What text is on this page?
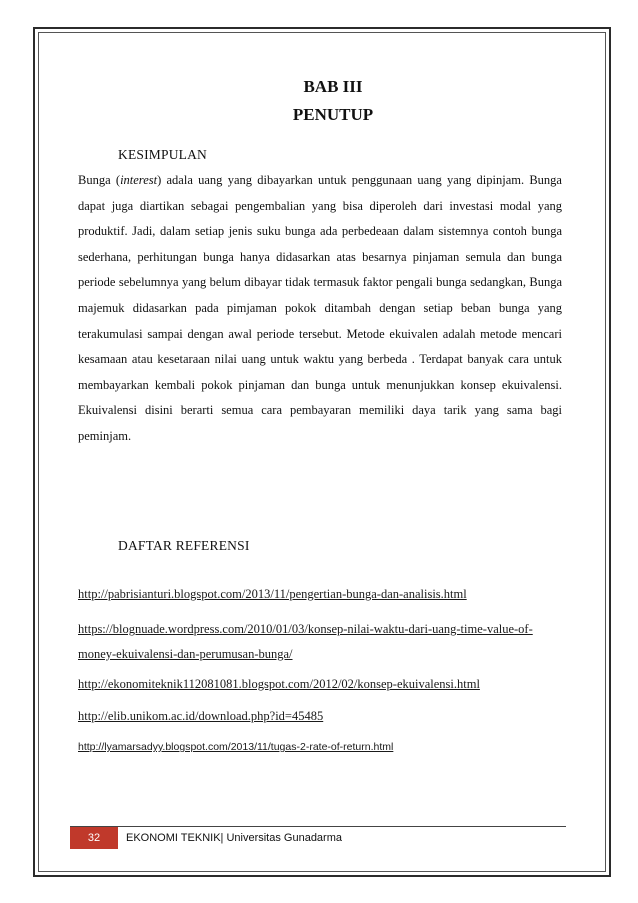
BAB III
PENUTUP
KESIMPULAN
Bunga (interest) adala uang yang dibayarkan untuk penggunaan uang yang dipinjam. Bunga dapat juga diartikan sebagai pengembalian yang bisa diperoleh dari investasi modal yang produktif. Jadi, dalam setiap jenis suku bunga ada perbedeaan dalam sistemnya contoh bunga sederhana, perhitungan bunga hanya didasarkan atas besarnya pinjaman semula dan bunga periode sebelumnya yang belum dibayar tidak termasuk faktor pengali bunga sedangkan, Bunga majemuk didasarkan pada pimjaman pokok ditambah dengan setiap beban bunga yang terakumulasi sampai dengan awal periode tersebut. Metode ekuivalen adalah metode mencari kesamaan atau kesetaraan nilai uang untuk waktu yang berbeda . Terdapat banyak cara untuk membayarkan kembali pokok pinjaman dan bunga untuk menunjukkan konsep ekuivalensi. Ekuivalensi disini berarti semua cara pembayaran memiliki daya tarik yang sama bagi peminjam.
DAFTAR REFERENSI
http://pabrisianturi.blogspot.com/2013/11/pengertian-bunga-dan-analisis.html
https://blognuade.wordpress.com/2010/01/03/konsep-nilai-waktu-dari-uang-time-value-of-money-ekuivalensi-dan-perumusan-bunga/
http://ekonomiteknik112081081.blogspot.com/2012/02/konsep-ekuivalensi.html
http://elib.unikom.ac.id/download.php?id=45485
http://lyamarsadyy.blogspot.com/2013/11/tugas-2-rate-of-return.html
32	EKONOMI TEKNIK| Universitas Gunadarma
